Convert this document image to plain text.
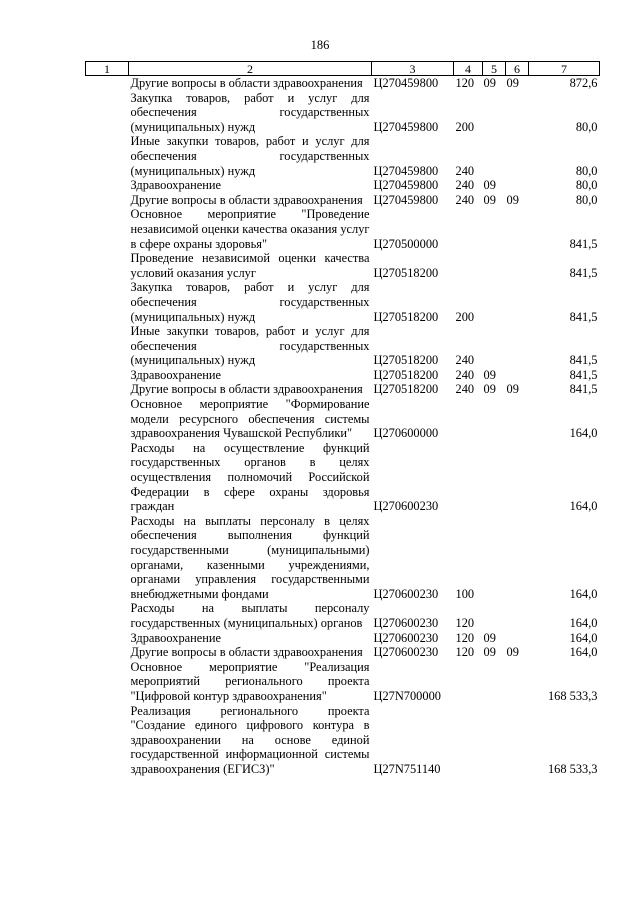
186
1	2	3	4	5	6	7
	Другие вопросы в области здравоохранения	Ц270459800	120	09	09	872,6
	Закупка товаров, работ и услуг для обеспечения государственных (муниципальных) нужд	Ц270459800	200			80,0
	Иные закупки товаров, работ и услуг для обеспечения государственных (муниципальных) нужд	Ц270459800	240			80,0
	Здравоохранение	Ц270459800	240	09		80,0
	Другие вопросы в области здравоохранения	Ц270459800	240	09	09	80,0
	Основное мероприятие "Проведение независимой оценки качества оказания услуг в сфере охраны здоровья"	Ц270500000				841,5
	Проведение независимой оценки качества условий оказания услуг	Ц270518200				841,5
	Закупка товаров, работ и услуг для обеспечения государственных (муниципальных) нужд	Ц270518200	200			841,5
	Иные закупки товаров, работ и услуг для обеспечения государственных (муниципальных) нужд	Ц270518200	240			841,5
	Здравоохранение	Ц270518200	240	09		841,5
	Другие вопросы в области здравоохранения	Ц270518200	240	09	09	841,5
	Основное мероприятие "Формирование модели ресурсного обеспечения системы здравоохранения Чувашской Республики"	Ц270600000				164,0
	Расходы на осуществление функций государственных органов в целях осуществления полномочий Российской Федерации в сфере охраны здоровья граждан	Ц270600230				164,0
	Расходы на выплаты персоналу в целях обеспечения выполнения функций государственными (муниципальными) органами, казенными учреждениями, органами управления государственными внебюджетными фондами	Ц270600230	100			164,0
	Расходы на выплаты персоналу государственных (муниципальных) органов	Ц270600230	120			164,0
	Здравоохранение	Ц270600230	120	09		164,0
	Другие вопросы в области здравоохранения	Ц270600230	120	09	09	164,0
	Основное мероприятие "Реализация мероприятий регионального проекта "Цифровой контур здравоохранения"	Ц27N700000				168 533,3
	Реализация регионального проекта "Создание единого цифрового контура в здравоохранении на основе единой государственной информационной системы здравоохранения (ЕГИСЗ)"	Ц27N751140				168 533,3
